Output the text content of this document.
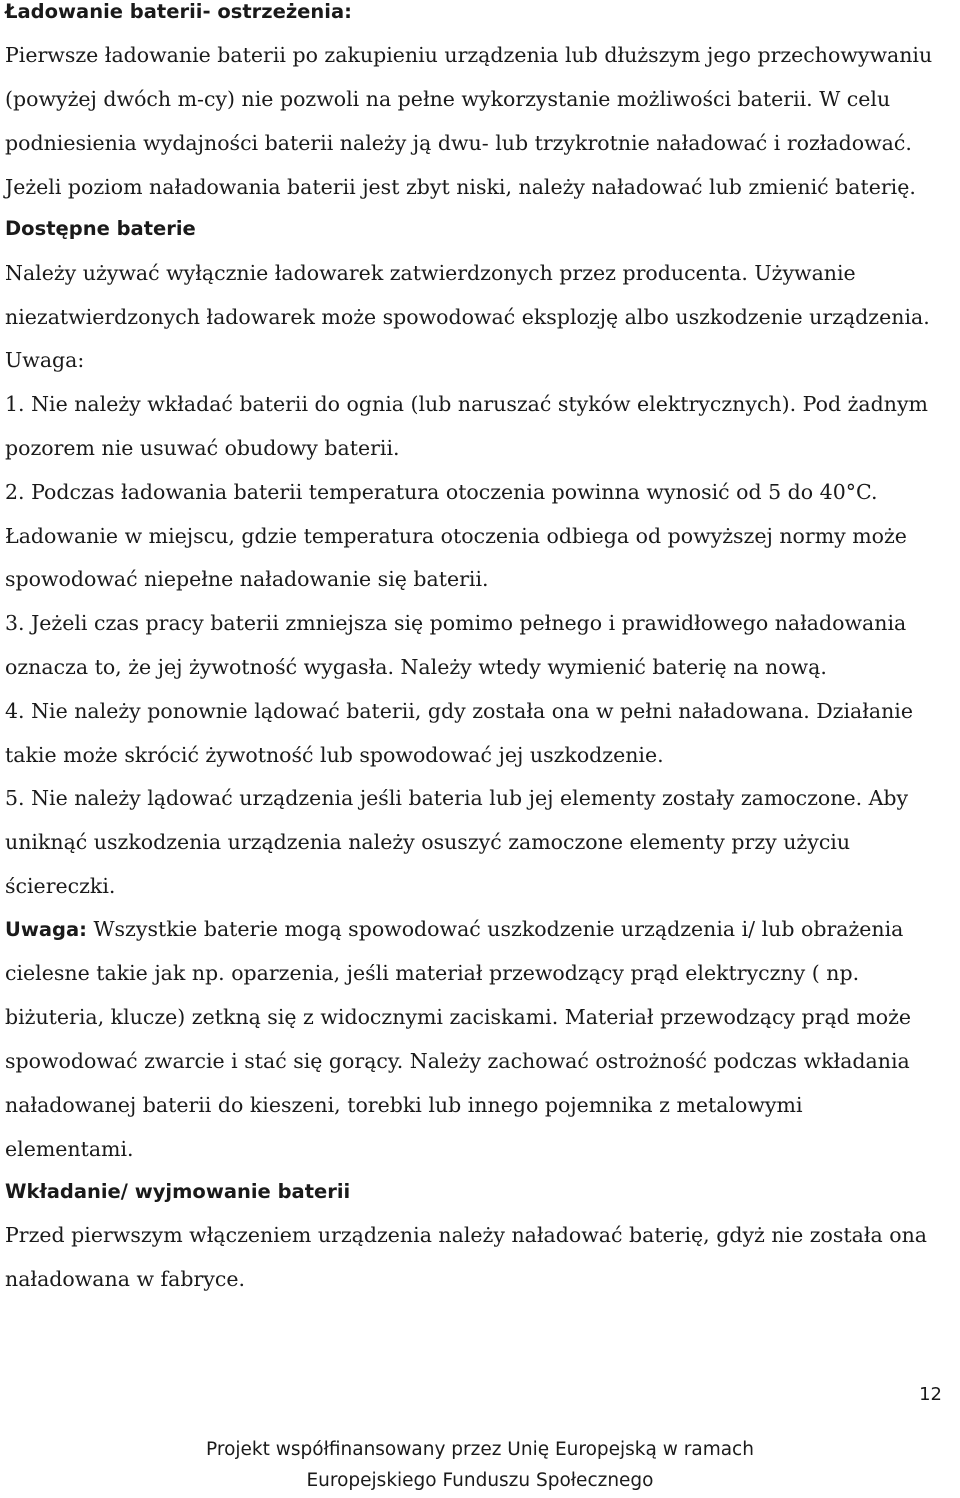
Ładowanie baterii- ostrzeżenia:
Pierwsze ładowanie baterii po zakupieniu urządzenia lub dłuższym jego przechowywaniu
(powyżej dwóch m-cy) nie pozwoli na pełne wykorzystanie możliwości baterii. W celu
podniesienia wydajności baterii należy ją dwu- lub trzykrotnie naładować i rozładować.
Jeżeli poziom naładowania baterii jest zbyt niski, należy naładować lub zmienić baterię.
Dostępne baterie
Należy używać wyłącznie ładowarek zatwierdzonych przez producenta. Używanie
niezatwierdzonych ładowarek może spowodować eksplozję albo uszkodzenie urządzenia.
Uwaga:
1. Nie należy wkładać baterii do ognia (lub naruszać styków elektrycznych). Pod żadnym
pozorem nie usuwać obudowy baterii.
2. Podczas ładowania baterii temperatura otoczenia powinna wynosić od 5 do 40°C.
Ładowanie w miejscu, gdzie temperatura otoczenia odbiega od powyższej normy może
spowodować niepełne naładowanie się baterii.
3. Jeżeli czas pracy baterii zmniejsza się pomimo pełnego i prawidłowego naładowania
oznacza to, że jej żywotność wygasła. Należy wtedy wymienić baterię na nową.
4. Nie należy ponownie lądować baterii, gdy została ona w pełni naładowana. Działanie
takie może skrócić żywotność lub spowodować jej uszkodzenie.
5. Nie należy lądować urządzenia jeśli bateria lub jej elementy zostały zamoczone. Aby
uniknąć uszkodzenia urządzenia należy osuszyć zamoczone elementy przy użyciu
ściereczki.
Uwaga: Wszystkie baterie mogą spowodować uszkodzenie urządzenia i/ lub obrażenia
cielesne takie jak np. oparzenia, jeśli materiał przewodzący prąd elektryczny ( np.
biżuteria, klucze) zetkną się z widocznymi zaciskami. Materiał przewodzący prąd może
spowodować zwarcie i stać się gorący. Należy zachować ostrożność podczas wkładania
naładowanej baterii do kieszeni, torebki lub innego pojemnika z metalowymi
elementami.
Wkładanie/ wyjmowanie baterii
Przed pierwszym włączeniem urządzenia należy naładować baterię, gdyż nie została ona
naładowana w fabryce.
12
Projekt współfinansowany przez Unię Europejską w ramach
Europejskiego Funduszu Społecznego
